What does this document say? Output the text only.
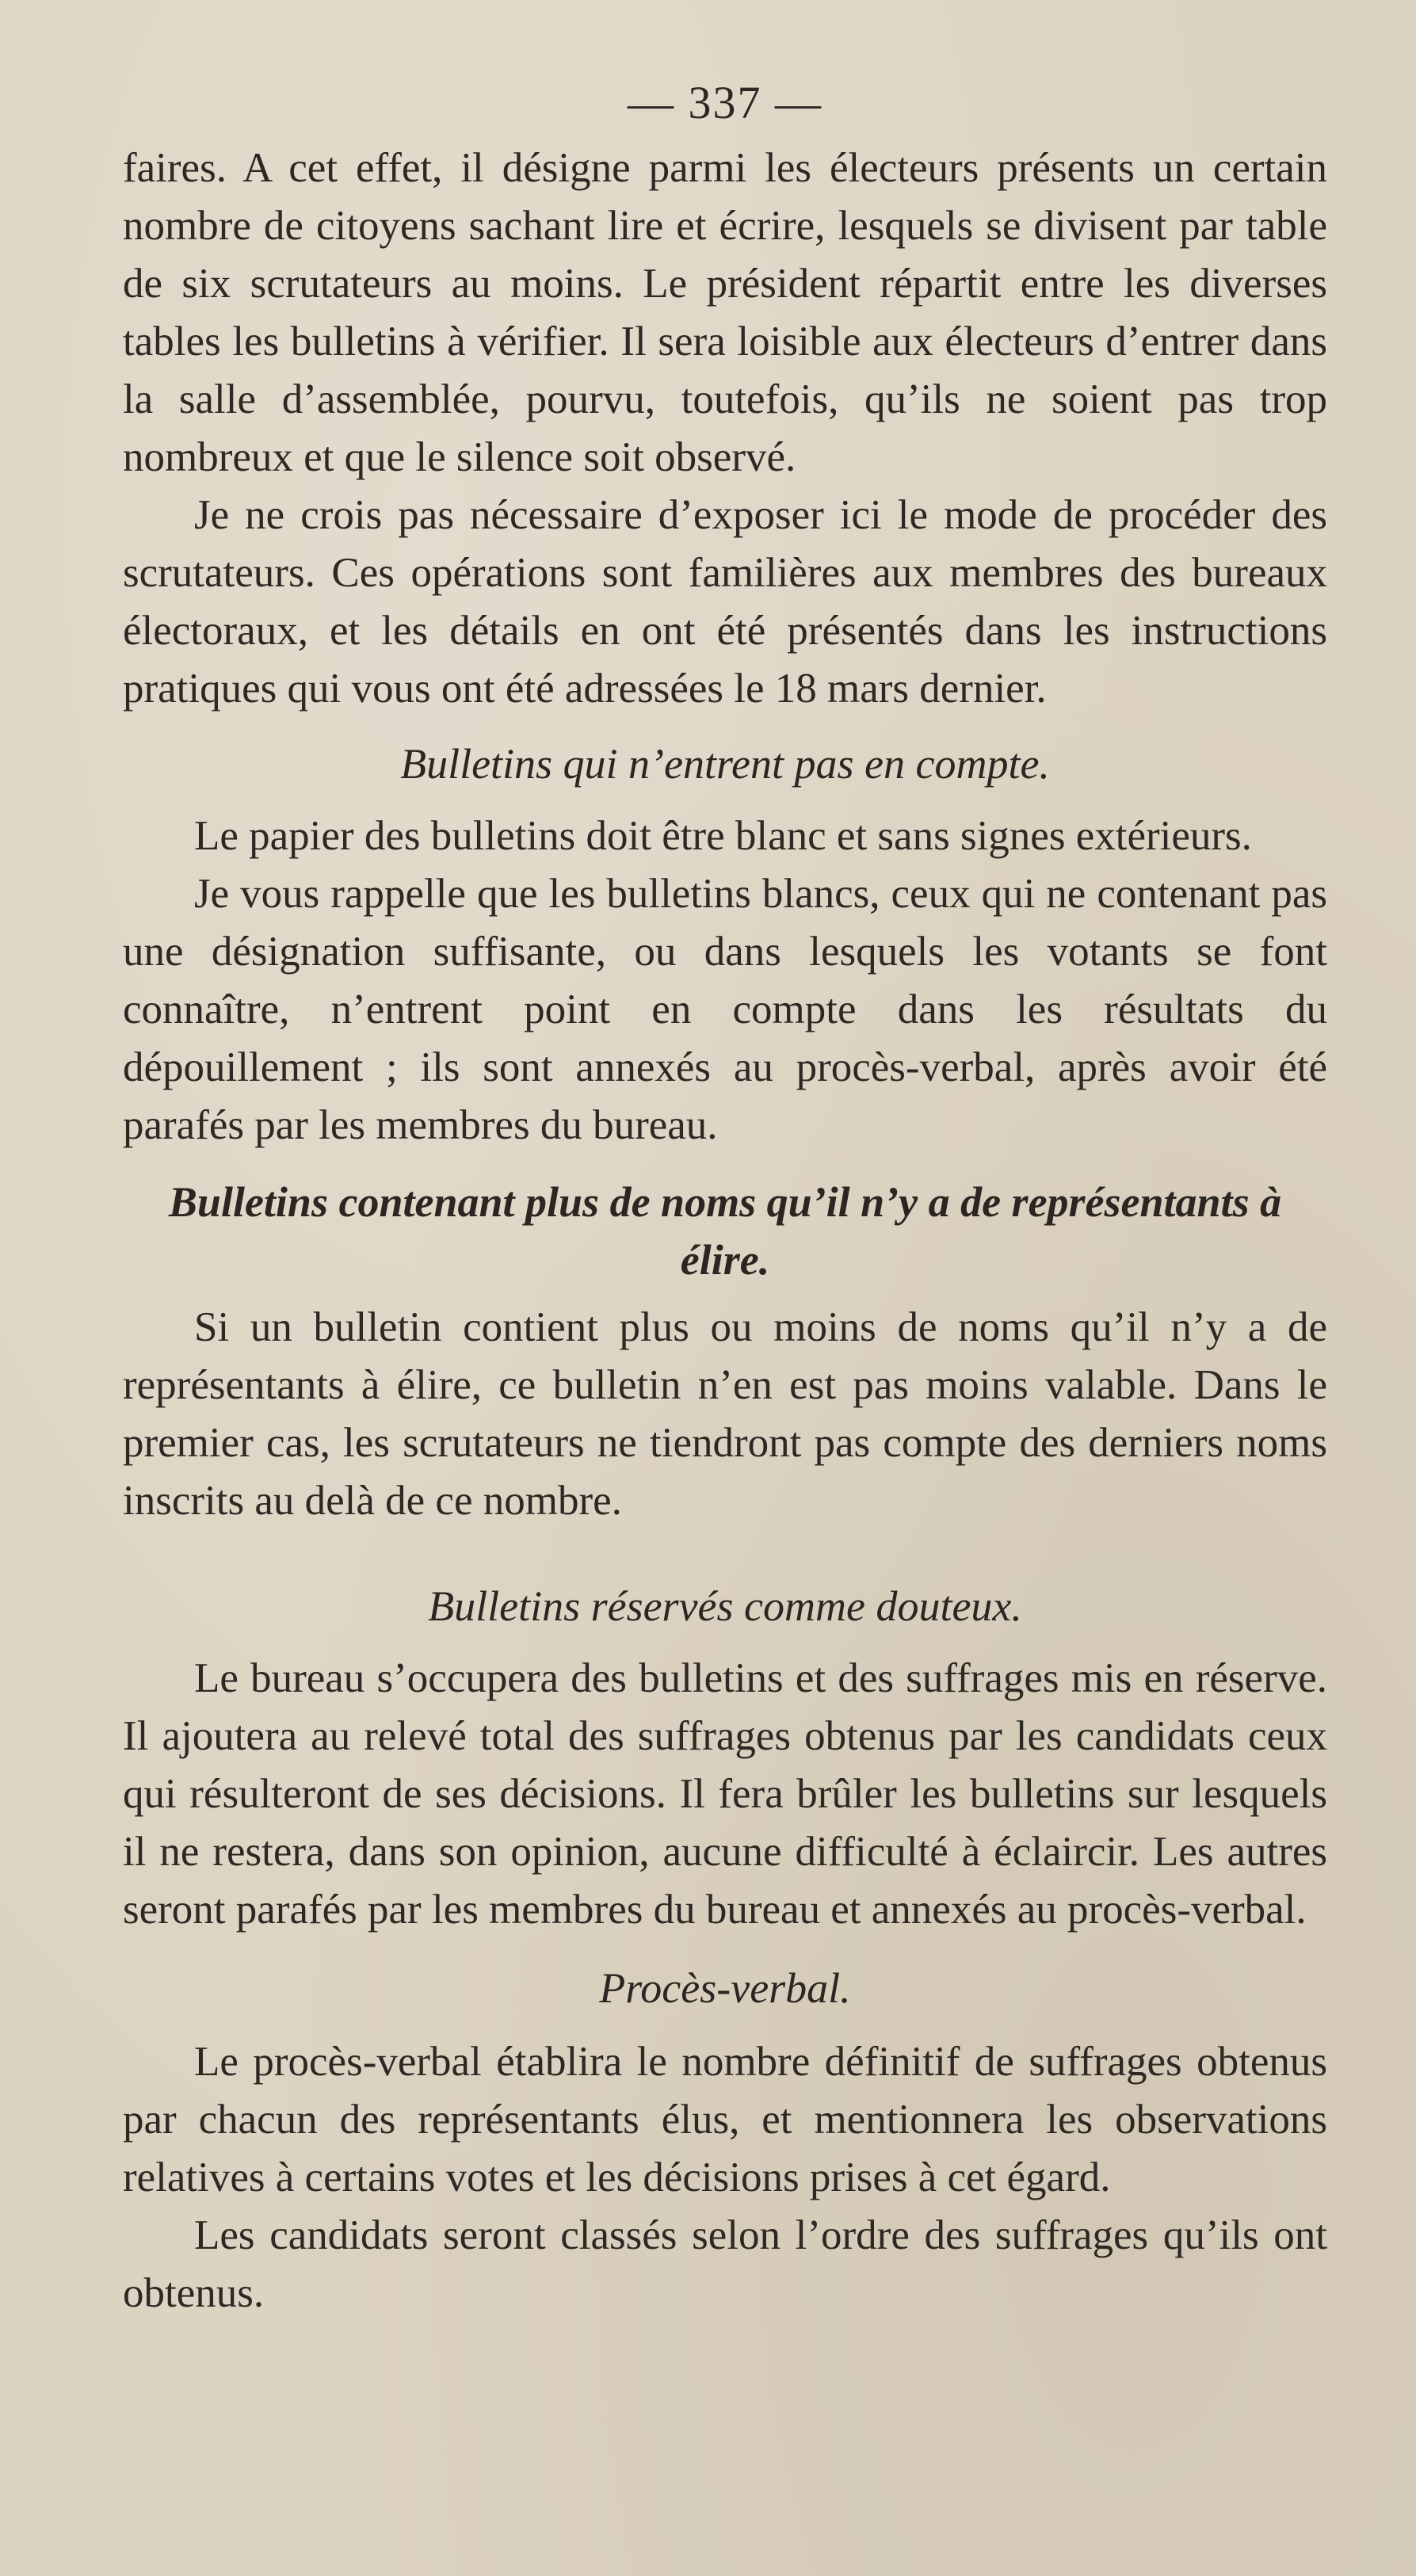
— 337 —

faires. A cet effet, il désigne parmi les électeurs présents un certain nombre de citoyens sachant lire et écrire, lesquels se divisent par table de six scrutateurs au moins. Le président répartit entre les diverses tables les bulletins à vérifier. Il sera loisible aux électeurs d’entrer dans la salle d’assemblée, pourvu, toutefois, qu’ils ne soient pas trop nombreux et que le silence soit observé.

Je ne crois pas nécessaire d’exposer ici le mode de procéder des scrutateurs. Ces opérations sont familières aux membres des bureaux électoraux, et les détails en ont été présentés dans les instructions pratiques qui vous ont été adressées le 18 mars dernier.

Bulletins qui n’entrent pas en compte.

Le papier des bulletins doit être blanc et sans signes extérieurs.

Je vous rappelle que les bulletins blancs, ceux qui ne contenant pas une désignation suffisante, ou dans lesquels les votants se font connaître, n’entrent point en compte dans les résultats du dépouillement ; ils sont annexés au procès-verbal, après avoir été parafés par les membres du bureau.

Bulletins contenant plus de noms qu’il n’y a de représentants à élire.

Si un bulletin contient plus ou moins de noms qu’il n’y a de représentants à élire, ce bulletin n’en est pas moins valable. Dans le premier cas, les scrutateurs ne tiendront pas compte des derniers noms inscrits au delà de ce nombre.

Bulletins réservés comme douteux.

Le bureau s’occupera des bulletins et des suffrages mis en réserve. Il ajoutera au relevé total des suffrages obtenus par les candidats ceux qui résulteront de ses décisions. Il fera brûler les bulletins sur lesquels il ne restera, dans son opinion, aucune difficulté à éclaircir. Les autres seront parafés par les membres du bureau et annexés au procès-verbal.

Procès-verbal.

Le procès-verbal établira le nombre définitif de suffrages obtenus par chacun des représentants élus, et mentionnera les observations relatives à certains votes et les décisions prises à cet égard.

Les candidats seront classés selon l’ordre des suffrages qu’ils ont obtenus.
